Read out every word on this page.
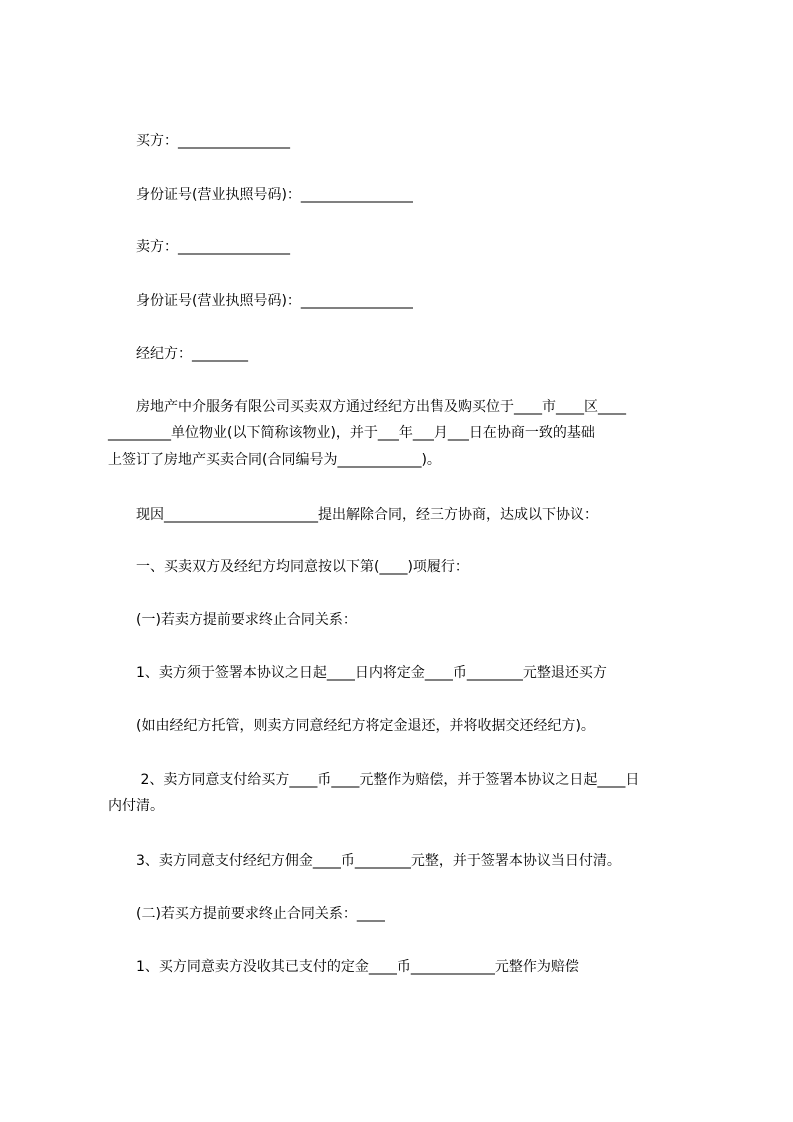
买方：________________

身份证号(营业执照号码)：________________

卖方：________________

身份证号(营业执照号码)：________________

经纪方：________

　　房地产中介服务有限公司买卖双方通过经纪方出售及购买位于____市____区____

_________单位物业(以下简称该物业)，并于___年___月___日在协商一致的基础

上签订了房地产买卖合同(合同编号为____________)。

现因______________________提出解除合同，经三方协商，达成以下协议：

一、买卖双方及经纪方均同意按以下第(____)项履行：

(一)若卖方提前要求终止合同关系：

1、卖方须于签署本协议之日起____日内将定金____币________元整退还买方

(如由经纪方托管，则卖方同意经纪方将定金退还，并将收据交还经纪方)。

　　 2、卖方同意支付给买方____币____元整作为赔偿，并于签署本协议之日起____日

内付清。

3、卖方同意支付经纪方佣金____币________元整，并于签署本协议当日付清。

(二)若买方提前要求终止合同关系：____

1、买方同意卖方没收其已支付的定金____币____________元整作为赔偿
